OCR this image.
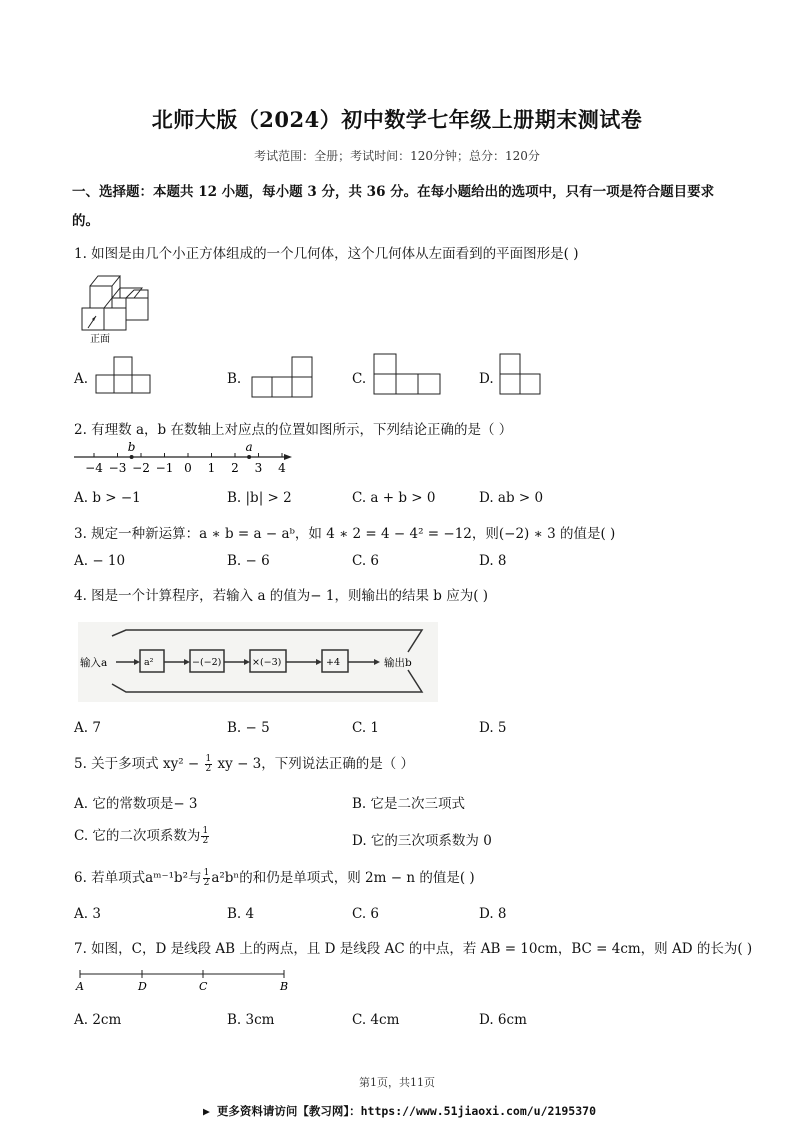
北师大版（2024）初中数学七年级上册期末测试卷
考试范围：全册；考试时间：120分钟；总分：120分
一、选择题：本题共 12 小题，每小题 3 分，共 36 分。在每小题给出的选项中，只有一项是符合题目要求
的。
1. 如图是由几个小正方体组成的一个几何体，这个几何体从左面看到的平面图形是( )
正面
A.	B.	C.	D.
2. 有理数 a，b 在数轴上对应点的位置如图所示，下列结论正确的是（ ）
−4 −3 −2 −1 0 1 2 3 4
b	a
A. b > −1	B. |b| > 2	C. a + b > 0	D. ab > 0
3. 规定一种新运算：a ∗ b = a − aᵇ，如 4 ∗ 2 = 4 − 4² = −12，则(−2) ∗ 3 的值是( )
A. − 10	B. − 6	C. 6	D. 8
4. 图是一个计算程序，若输入 a 的值为− 1，则输出的结果 b 应为( )
输入a	a²	−(−2)	×(−3)	+4	输出b
A. 7	B. − 5	C. 1	D. 5
5. 关于多项式 $xy^2 - \frac{1}{2}$ xy − 3，下列说法正确的是（ ）
A. 它的常数项是− 3	B. 它是二次三项式
C. 它的二次项系数为 $\frac{1}{2}$	D. 它的三次项系数为 0
6. 若单项式aᵐ⁻¹b²与 $\frac{1}{2} a^2b^n$的和仍是单项式，则 2m − n 的值是( )
A. 3	B. 4	C. 6	D. 8
7. 如图，C，D 是线段 AB 上的两点，且 D 是线段 AC 的中点，若 AB = 10cm，BC = 4cm，则 AD 的长为( )
A	D	C	B
A. 2cm	B. 3cm	C. 4cm	D. 6cm
第1页，共11页
▶ 更多资料请访问【教习网】：https://www.51jiaoxi.com/u/2195370
